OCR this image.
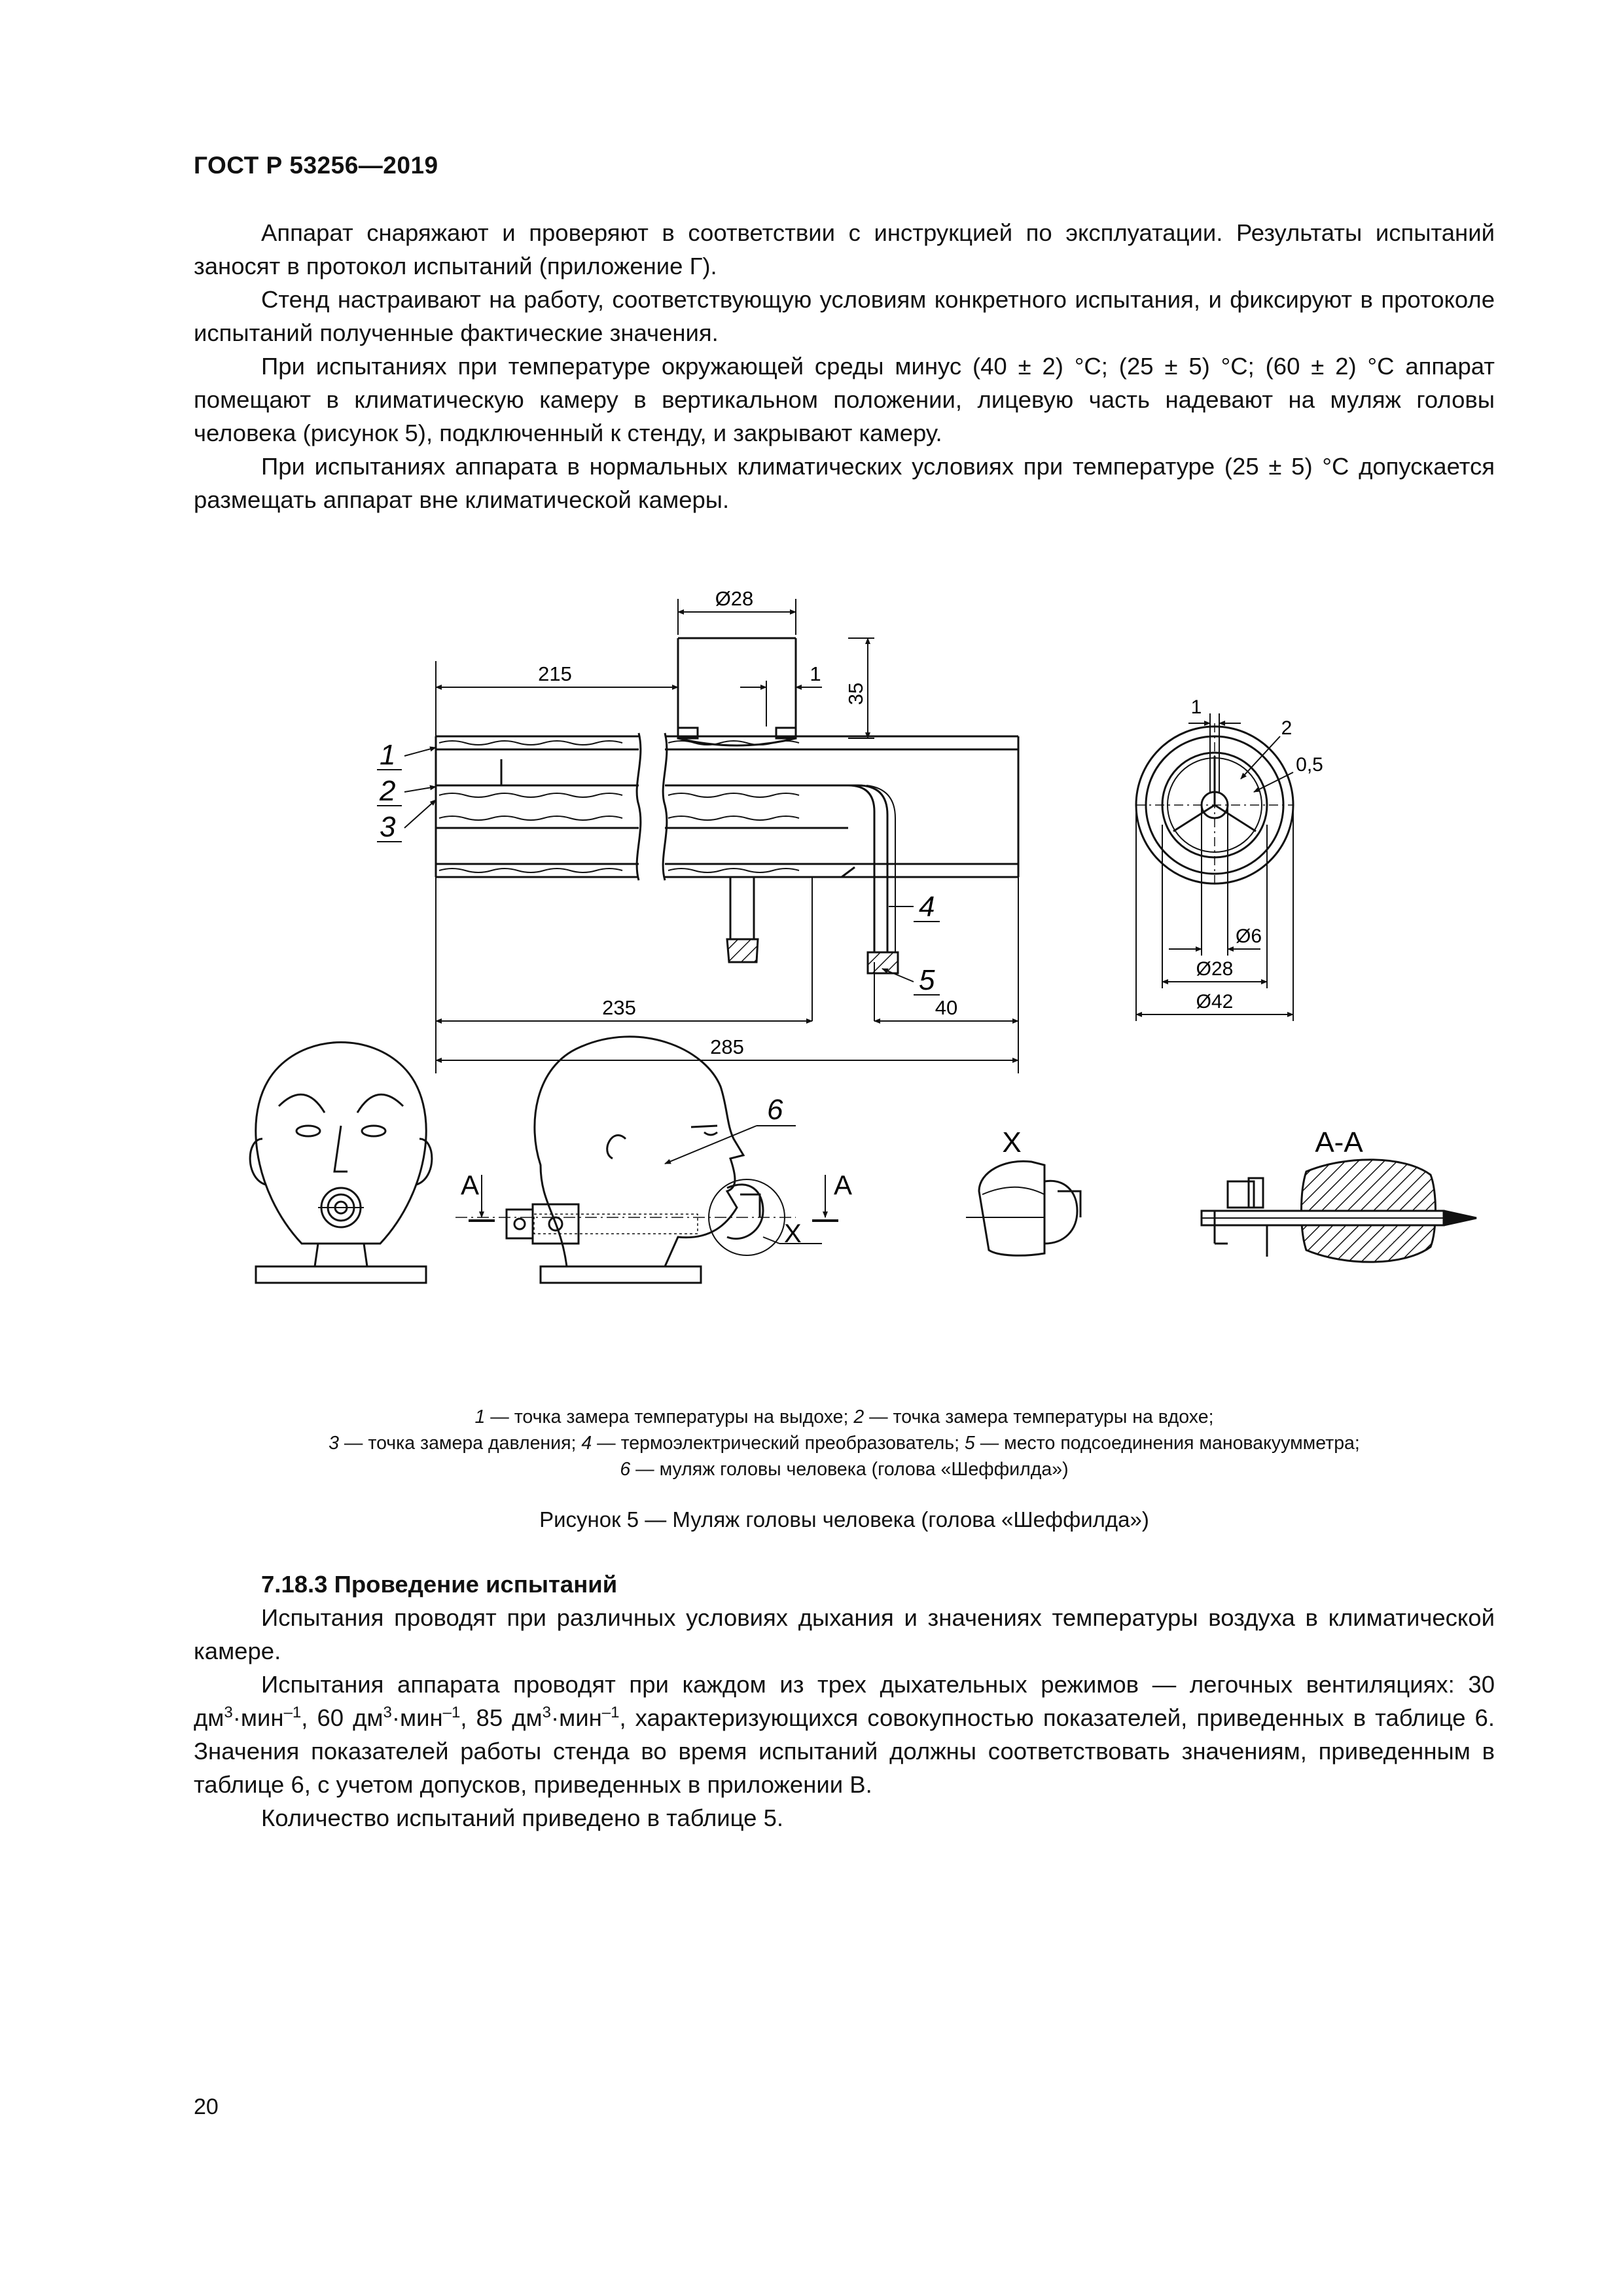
ГОСТ Р 53256—2019

Аппарат снаряжают и проверяют в соответствии с инструкцией по эксплуатации. Результаты испытаний заносят в протокол испытаний (приложение Г).

Стенд настраивают на работу, соответствующую условиям конкретного испытания, и фиксируют в протоколе испытаний полученные фактические значения.

При испытаниях при температуре окружающей среды минус (40 ± 2) °С; (25 ± 5) °С; (60 ± 2) °С аппарат помещают в климатическую камеру в вертикальном положении, лицевую часть надевают на муляж головы человека (рисунок 5), подключенный к стенду, и закрывают камеру.

При испытаниях аппарата в нормальных климатических условиях при температуре (25 ± 5) °С допускается размещать аппарат вне климатической камеры.

Ø28
215	1
35
235	40
285
1
2
3
4
5
1
2
0,5
Ø6
Ø28
Ø42
А	А
Х
6
Х	А-А
1 — точка замера температуры на выдохе; 2 — точка замера температуры на вдохе;
3 — точка замера давления; 4 — термоэлектрический преобразователь; 5 — место подсоединения мановакуумметра;
6 — муляж головы человека (голова «Шеффилда»)
Рисунок 5 — Муляж головы человека (голова «Шеффилда»)
7.18.3 Проведение испытаний

Испытания проводят при различных условиях дыхания и значениях температуры воздуха в климатической камере.

Испытания аппарата проводят при каждом из трех дыхательных режимов — легочных вентиляциях: 30 $дм^3\cdot мин^{-1}$, 60 $дм^3\cdot мин^{-1}$, 85 $дм^3\cdot мин^{-1}$, характеризующихся совокупностью показателей, приведенных в таблице 6. Значения показателей работы стенда во время испытаний должны соответствовать значениям, приведенным в таблице 6, с учетом допусков, приведенных в приложении В.

Количество испытаний приведено в таблице 5.

20
